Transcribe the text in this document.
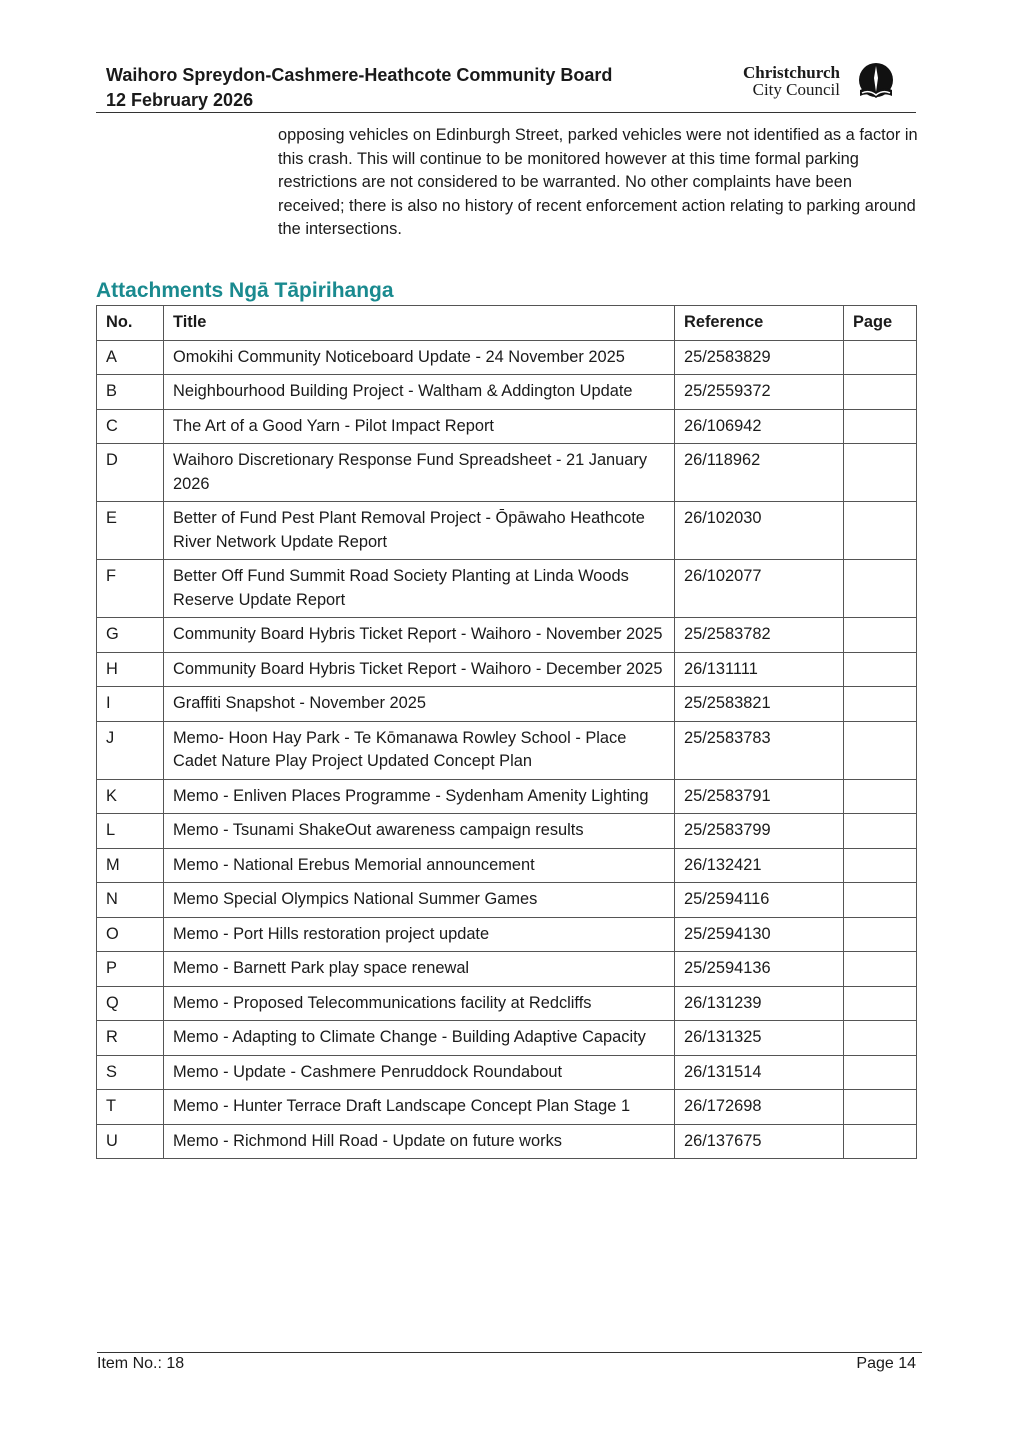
Waihoro Spreydon-Cashmere-Heathcote Community Board
12 February 2026
Christchurch
City Council

opposing vehicles on Edinburgh Street, parked vehicles were not identified as a factor in this crash. This will continue to be monitored however at this time formal parking restrictions are not considered to be warranted. No other complaints have been received; there is also no history of recent enforcement action relating to parking around the intersections.

Attachments Ngā Tāpirihanga
No.	Title	Reference	Page
A	Omokihi Community Noticeboard Update - 24 November 2025	25/2583829	
B	Neighbourhood Building Project - Waltham & Addington Update	25/2559372	
C	The Art of a Good Yarn - Pilot Impact Report	26/106942	
D	Waihoro Discretionary Response Fund Spreadsheet - 21 January 2026	26/118962	
E	Better of Fund Pest Plant Removal Project - Ōpāwaho Heathcote River Network Update Report	26/102030	
F	Better Off Fund Summit Road Society Planting at Linda Woods Reserve Update Report	26/102077	
G	Community Board Hybris Ticket Report - Waihoro - November 2025	25/2583782	
H	Community Board Hybris Ticket Report - Waihoro - December 2025	26/131111	
I	Graffiti Snapshot - November 2025	25/2583821	
J	Memo- Hoon Hay Park - Te Kōmanawa Rowley School - Place Cadet Nature Play Project Updated Concept Plan	25/2583783	
K	Memo - Enliven Places Programme - Sydenham Amenity Lighting	25/2583791	
L	Memo - Tsunami ShakeOut awareness campaign results	25/2583799	
M	Memo - National Erebus Memorial announcement	26/132421	
N	Memo Special Olympics National Summer Games	25/2594116	
O	Memo - Port Hills restoration project update	25/2594130	
P	Memo - Barnett Park play space renewal	25/2594136	
Q	Memo - Proposed Telecommunications facility at Redcliffs	26/131239	
R	Memo - Adapting to Climate Change - Building Adaptive Capacity	26/131325	
S	Memo - Update - Cashmere Penruddock Roundabout	26/131514	
T	Memo - Hunter Terrace Draft Landscape Concept Plan Stage 1	26/172698	
U	Memo - Richmond Hill Road - Update on future works	26/137675	
Item No.: 18	Page 14
